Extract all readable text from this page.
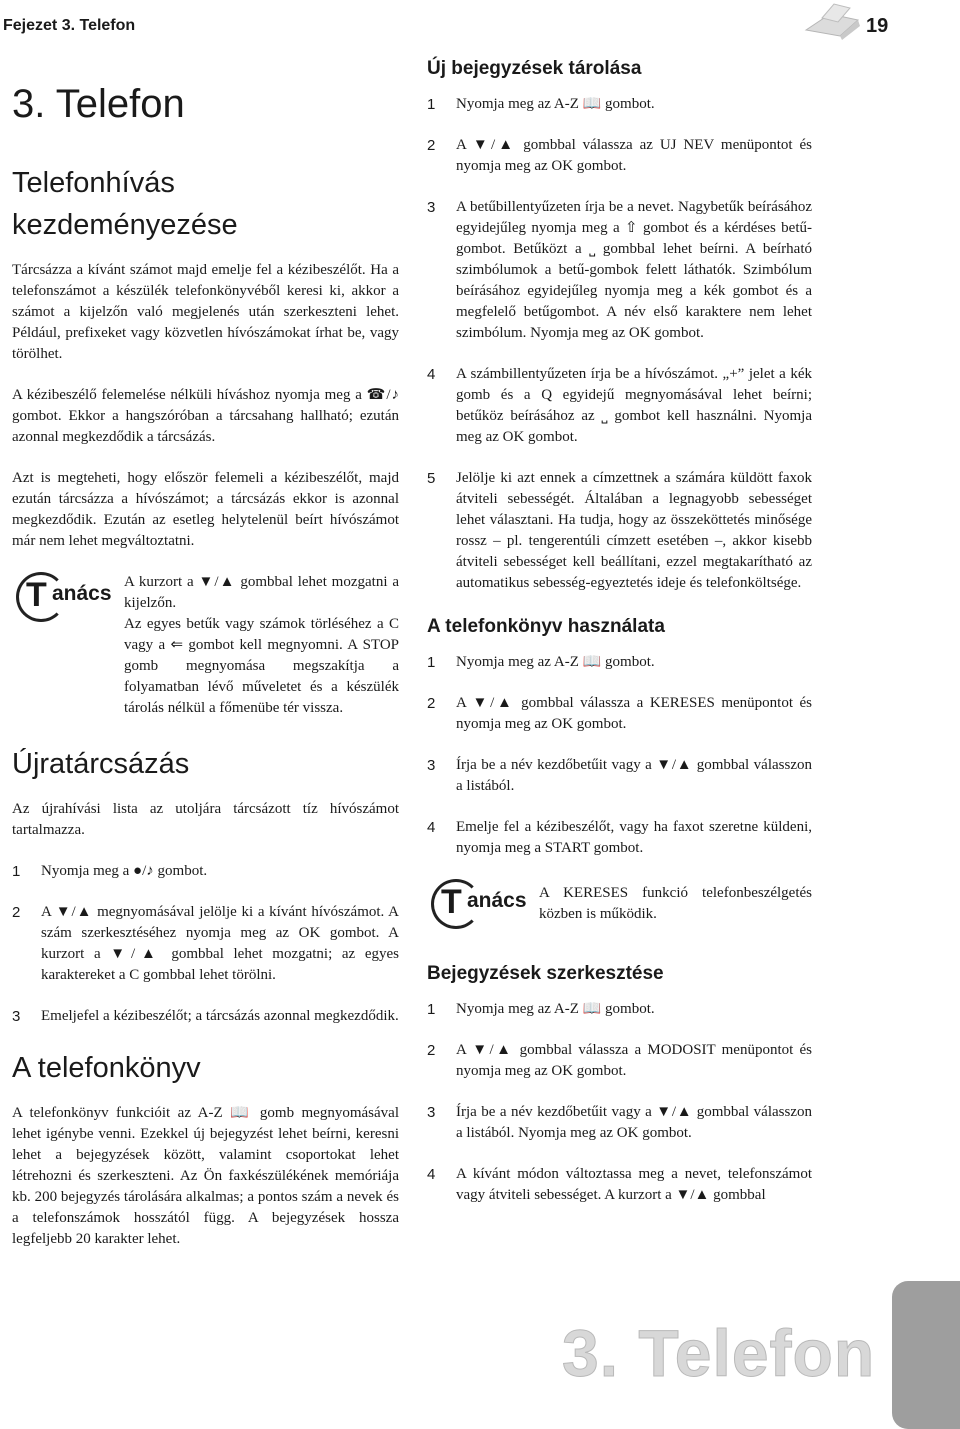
Fejezet 3. Telefon	19
3. Telefon
Telefonhívás
kezdeményezése

Tárcsázza a kívánt számot majd emelje fel a kézibeszélőt. Ha a telefonszámot a készülék telefonkönyvéből keresi ki, akkor a számot a kijelzőn való megjelenés után szerkeszteni lehet. Például, prefixeket vagy közvetlen hívószámokat írhat be, vagy törölhet.

A kézibeszélő felemelése nélküli híváshoz nyomja meg a ☎/♪ gombot. Ekkor a hangszóróban a tárcsahang hallható; ezután azonnal megkezdődik a tárcsázás.

Azt is megteheti, hogy először felemeli a kézibeszélőt, majd ezután tárcsázza a hívószámot; a tárcsázás ekkor is azonnal megkezdődik. Ezután az esetleg helytelenül beírt hívószámot már nem lehet megváltoztatni.

T anács A kurzort a ▼/▲ gombbal lehet mozgatni a kijelzőn.

Az egyes betűk vagy számok törléséhez a C vagy a ⇐ gombot kell megnyomni. A STOP gomb megnyomása megszakítja a folyamatban lévő műveletet és a készülék tárolás nélkül a főmenübe tér vissza.

Újratárcsázás

Az újrahívási lista az utoljára tárcsázott tíz hívószámot tartalmazza.

1	Nyomja meg a ●/♪ gombot.
2	A ▼/▲ megnyomásával jelölje ki a kívánt hívószámot. A szám szerkesztéséhez nyomja meg az OK gombot. A kurzort a ▼/▲ gombbal lehet mozgatni; az egyes karaktereket a C gombbal lehet törölni.
3	Emeljefel a kézibeszélőt; a tárcsázás azonnal megkezdődik.
A telefonkönyv

A telefonkönyv funkcióit az A-Z 📖 gomb megnyomásával lehet igénybe venni. Ezekkel új bejegyzést lehet beírni, keresni lehet a bejegyzések között, valamint csoportokat lehet létrehozni és szerkeszteni. Az Ön faxkészülékének memóriája kb. 200 bejegyzés tárolására alkalmas; a pontos szám a nevek és a telefonszámok hosszától függ. A bejegyzések hossza legfeljebb 20 karakter lehet.

Új bejegyzések tárolása
1	Nyomja meg az A-Z 📖 gombot.
2	A ▼/▲ gombbal válassza az UJ NEV menüpontot és nyomja meg az OK gombot.
3	A betűbillentyűzeten írja be a nevet. Nagybetűk beírásához egyidejűleg nyomja meg a ⇧ gombot és a kérdéses betű-gombot. Betűközt a ⎵ gombbal lehet beírni. A beírható szimbólumok a betű-gombok felett láthatók. Szimbólum beírásához egyidejűleg nyomja meg a kék gombot és a megfelelő betűgombot. A név első karaktere nem lehet szimbólum. Nyomja meg az OK gombot.
4	A számbillentyűzeten írja be a hívószámot. „+” jelet a kék gomb és a Q egyidejű megnyomásával lehet beírni; betűköz beírásához az ⎵ gombot kell használni. Nyomja meg az OK gombot.
5	Jelölje ki azt ennek a címzettnek a számára küldött faxok átviteli sebességét. Általában a legnagyobb sebességet lehet választani. Ha tudja, hogy az összeköttetés minősége rossz – pl. tengerentúli címzett esetében –, akkor kisebb átviteli sebességet kell beállítani, ezzel megtakarítható az automatikus sebesség-egyeztetés ideje és telefonköltsége.
A telefonkönyv használata
1	Nyomja meg az A-Z 📖 gombot.
2	A ▼/▲ gombbal válassza a KERESES menüpontot és nyomja meg az OK gombot.
3	Írja be a név kezdőbetűit vagy a ▼/▲ gombbal válasszon a listából.
4	Emelje fel a kézibeszélőt, vagy ha faxot szeretne küldeni, nyomja meg a START gombot.
T anács A KERESES funkció telefonbeszélgetés közben is működik.

Bejegyzések szerkesztése
1	Nyomja meg az A-Z 📖 gombot.
2	A ▼/▲ gombbal válassza a MODOSIT menüpontot és nyomja meg az OK gombot.
3	Írja be a név kezdőbetűit vagy a ▼/▲ gombbal válasszon a listából. Nyomja meg az OK gombot.
4	A kívánt módon változtassa meg a nevet, telefonszámot vagy átviteli sebességet. A kurzort a ▼/▲ gombbal
3. Telefon
